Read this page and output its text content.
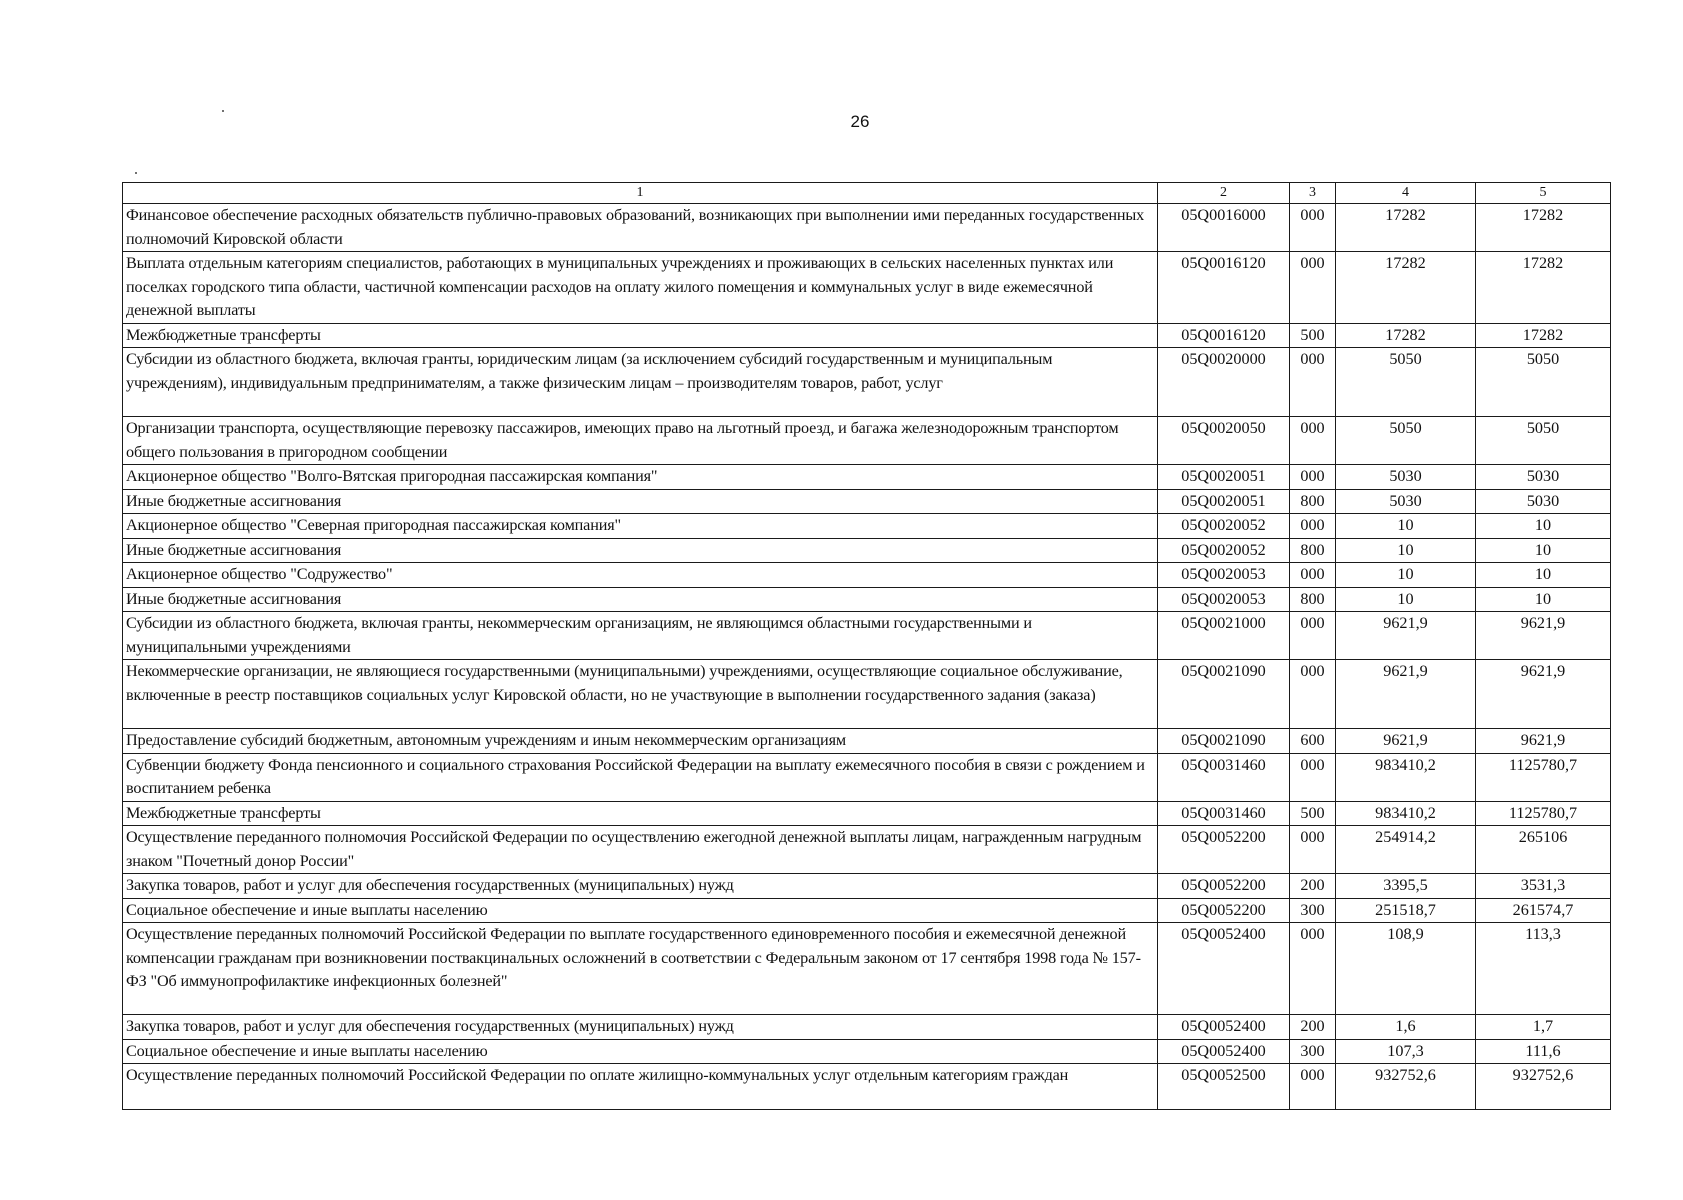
26
1	2	3	4	5
Финансовое обеспечение расходных обязательств публично-правовых образований, возникающих при выполнении ими переданных государственных полномочий Кировской области	05Q0016000	000	17282	17282
Выплата отдельным категориям специалистов, работающих в муниципальных учреждениях и проживающих в сельских населенных пунктах или поселках городского типа области, частичной компенсации расходов на оплату жилого помещения и коммунальных услуг в виде ежемесячной денежной выплаты	05Q0016120	000	17282	17282
Межбюджетные трансферты	05Q0016120	500	17282	17282
Субсидии из областного бюджета, включая гранты, юридическим лицам (за исключением субсидий государственным и муниципальным учреждениям), индивидуальным предпринимателям, а также физическим лицам – производителям товаров, работ, услуг	05Q0020000	000	5050	5050
Организации транспорта, осуществляющие перевозку пассажиров, имеющих право на льготный проезд, и багажа железнодорожным транспортом общего пользования в пригородном сообщении	05Q0020050	000	5050	5050
Акционерное общество "Волго-Вятская пригородная пассажирская компания"	05Q0020051	000	5030	5030
Иные бюджетные ассигнования	05Q0020051	800	5030	5030
Акционерное общество "Северная пригородная пассажирская компания"	05Q0020052	000	10	10
Иные бюджетные ассигнования	05Q0020052	800	10	10
Акционерное общество "Содружество"	05Q0020053	000	10	10
Иные бюджетные ассигнования	05Q0020053	800	10	10
Субсидии из областного бюджета, включая гранты, некоммерческим организациям, не являющимся областными государственными и муниципальными учреждениями	05Q0021000	000	9621,9	9621,9
Некоммерческие организации, не являющиеся государственными (муниципальными) учреждениями, осуществляющие социальное обслуживание, включенные в реестр поставщиков социальных услуг Кировской области, но не участвующие в выполнении государственного задания (заказа)	05Q0021090	000	9621,9	9621,9
Предоставление субсидий бюджетным, автономным учреждениям и иным некоммерческим организациям	05Q0021090	600	9621,9	9621,9
Субвенции бюджету Фонда пенсионного и социального страхования Российской Федерации на выплату ежемесячного пособия в связи с рождением и воспитанием ребенка	05Q0031460	000	983410,2	1125780,7
Межбюджетные трансферты	05Q0031460	500	983410,2	1125780,7
Осуществление переданного полномочия Российской Федерации по осуществлению ежегодной денежной выплаты лицам, награжденным нагрудным знаком "Почетный донор России"	05Q0052200	000	254914,2	265106
Закупка товаров, работ и услуг для обеспечения государственных (муниципальных) нужд	05Q0052200	200	3395,5	3531,3
Социальное обеспечение и иные выплаты населению	05Q0052200	300	251518,7	261574,7
Осуществление переданных полномочий Российской Федерации по выплате государственного единовременного пособия и ежемесячной денежной компенсации гражданам при возникновении поствакцинальных осложнений в соответствии с Федеральным законом от 17 сентября 1998 года № 157-ФЗ "Об иммунопрофилактике инфекционных болезней"	05Q0052400	000	108,9	113,3
Закупка товаров, работ и услуг для обеспечения государственных (муниципальных) нужд	05Q0052400	200	1,6	1,7
Социальное обеспечение и иные выплаты населению	05Q0052400	300	107,3	111,6
Осуществление переданных полномочий Российской Федерации по оплате жилищно-коммунальных услуг отдельным категориям граждан	05Q0052500	000	932752,6	932752,6
